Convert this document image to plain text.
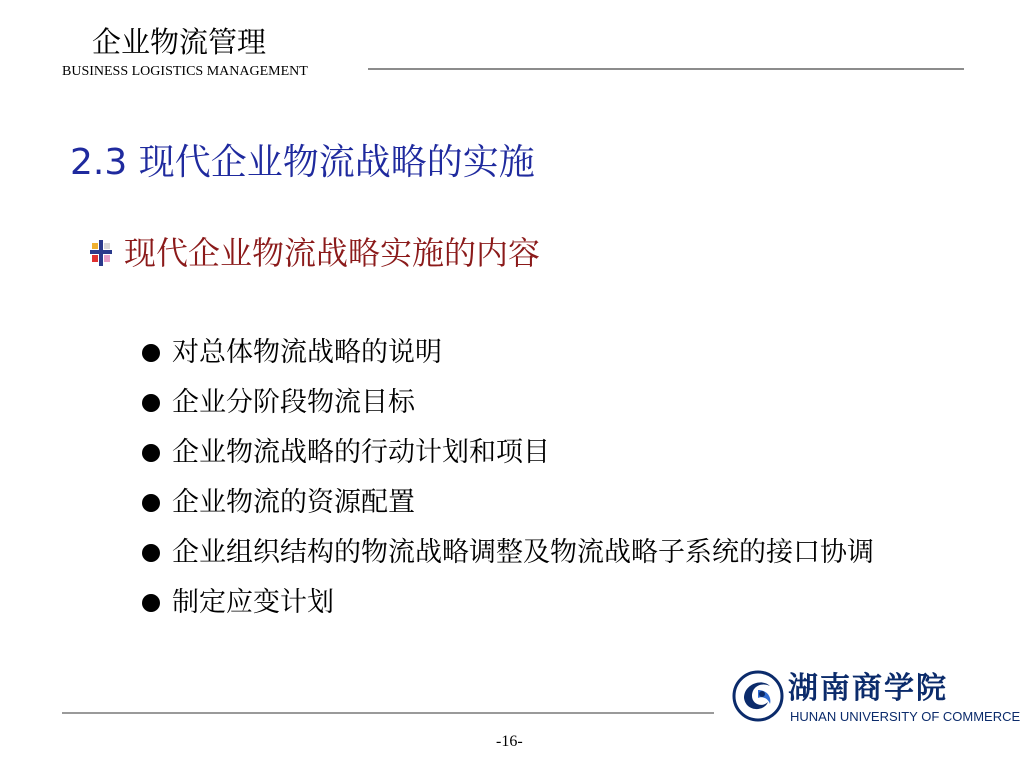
企业物流管理
BUSINESS LOGISTICS MANAGEMENT
2.3 现代企业物流战略的实施
现代企业物流战略实施的内容
对总体物流战略的说明
企业分阶段物流目标
企业物流战略的行动计划和项目
企业物流的资源配置
企业组织结构的物流战略调整及物流战略子系统的接口协调
制定应变计划
湖南商学院
HUNAN UNIVERSITY OF COMMERCE
-16-
